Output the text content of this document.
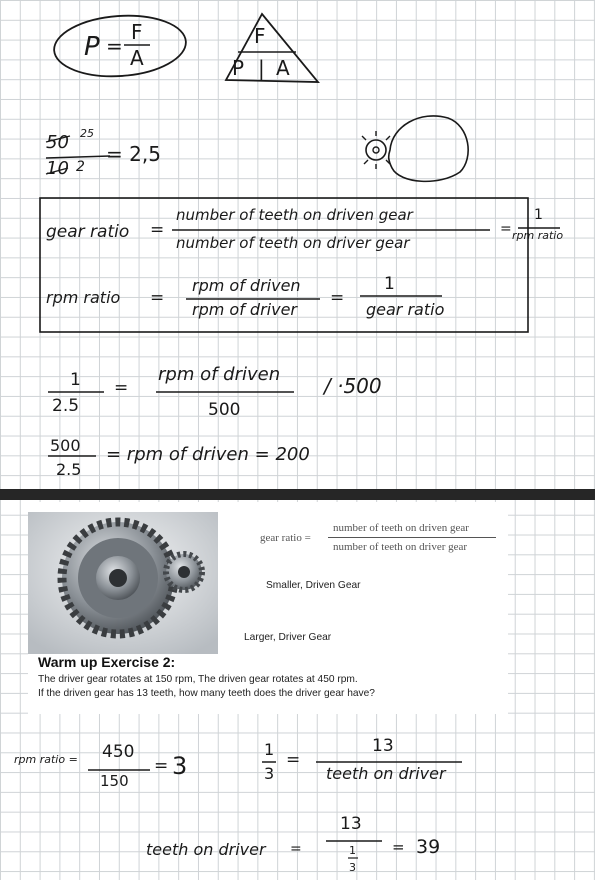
P =
F
A
F
P | A
50 25
10 2
= 2,5
gear ratio =
number of teeth on driven gear
number of teeth on driver gear
=
1
rpm ratio
rpm ratio =
rpm of driven
rpm of driver
=
1
gear ratio
1
2.5
=
rpm of driven
500
/ ·500
500
2.5
= rpm of driven = 200
gear ratio =
number of teeth on driven gear
number of teeth on driver gear
Smaller, Driven Gear
Larger, Driver Gear
Warm up Exercise 2:
The driver gear rotates at 150 rpm, The driven gear rotates at 450 rpm.
If the driven gear has 13 teeth, how many teeth does the driver gear have?
rpm ratio = 450
150
= 3
1
3
=
13
teeth on driver
teeth on driver =
13
1
3
= 39
